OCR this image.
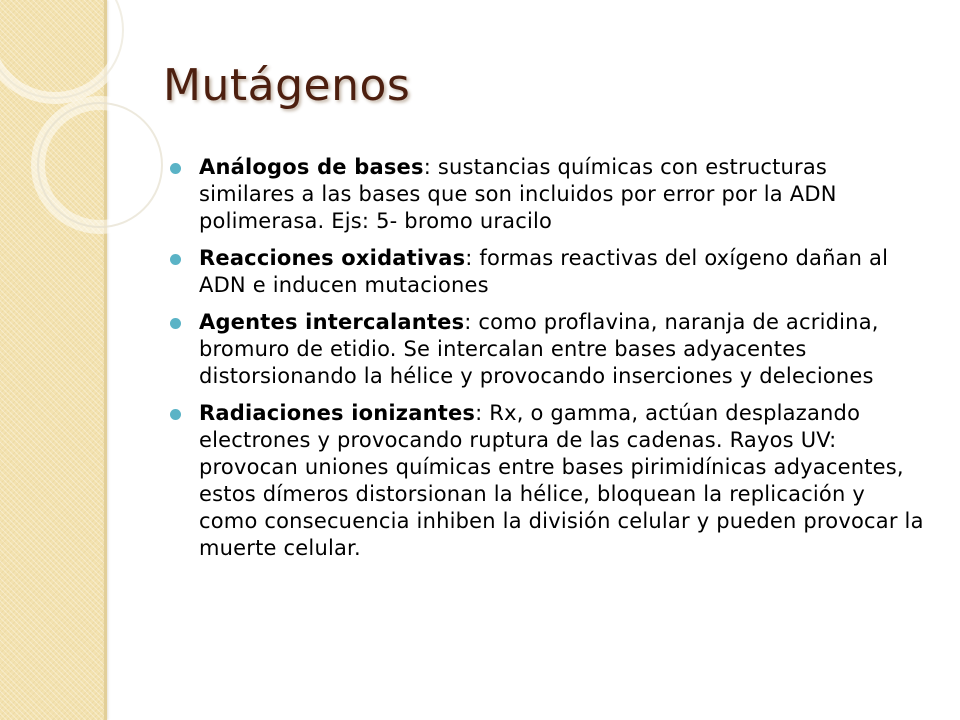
Mutágenos
Análogos de bases: sustancias químicas con estructuras similares a las bases que son incluidos por error por la ADN polimerasa. Ejs: 5- bromo uracilo
Reacciones oxidativas: formas reactivas del oxígeno dañan al ADN e inducen mutaciones
Agentes intercalantes: como proflavina, naranja de acridina, bromuro de etidio. Se intercalan entre bases adyacentes distorsionando la hélice y provocando inserciones y deleciones
Radiaciones ionizantes: Rx, o gamma, actúan desplazando electrones y provocando ruptura de las cadenas. Rayos UV: provocan uniones químicas entre bases pirimidínicas adyacentes, estos dímeros distorsionan la hélice, bloquean la replicación y como consecuencia inhiben la división celular y pueden provocar la muerte celular.
